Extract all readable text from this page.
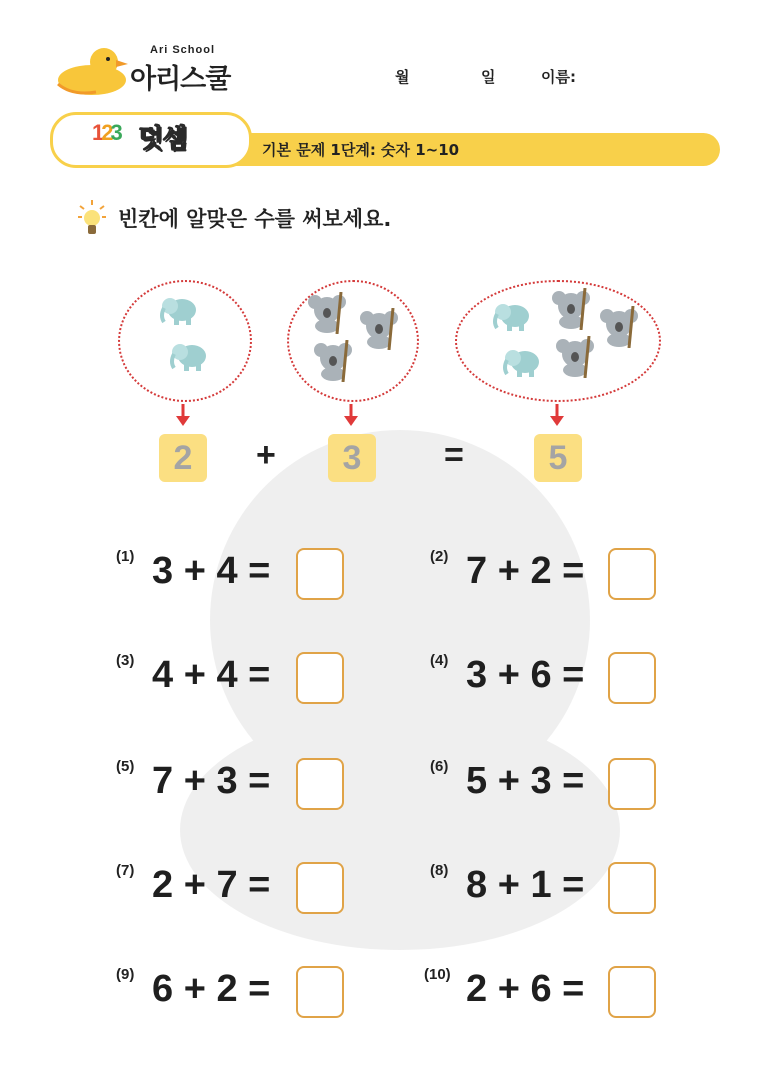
Ari School
아리스쿨	월	일	이름:
기본 문제 1단계: 숫자 1~10
123 덧셈
빈칸에 알맞은 수를 써보세요.
2	+	3	=	5
(1) 3 + 4 =	(2) 7 + 2 =
(3) 4 + 4 =	(4) 3 + 6 =
(5) 7 + 3 =	(6) 5 + 3 =
(7) 2 + 7 =	(8) 8 + 1 =
(9) 6 + 2 =	(10) 2 + 6 =
